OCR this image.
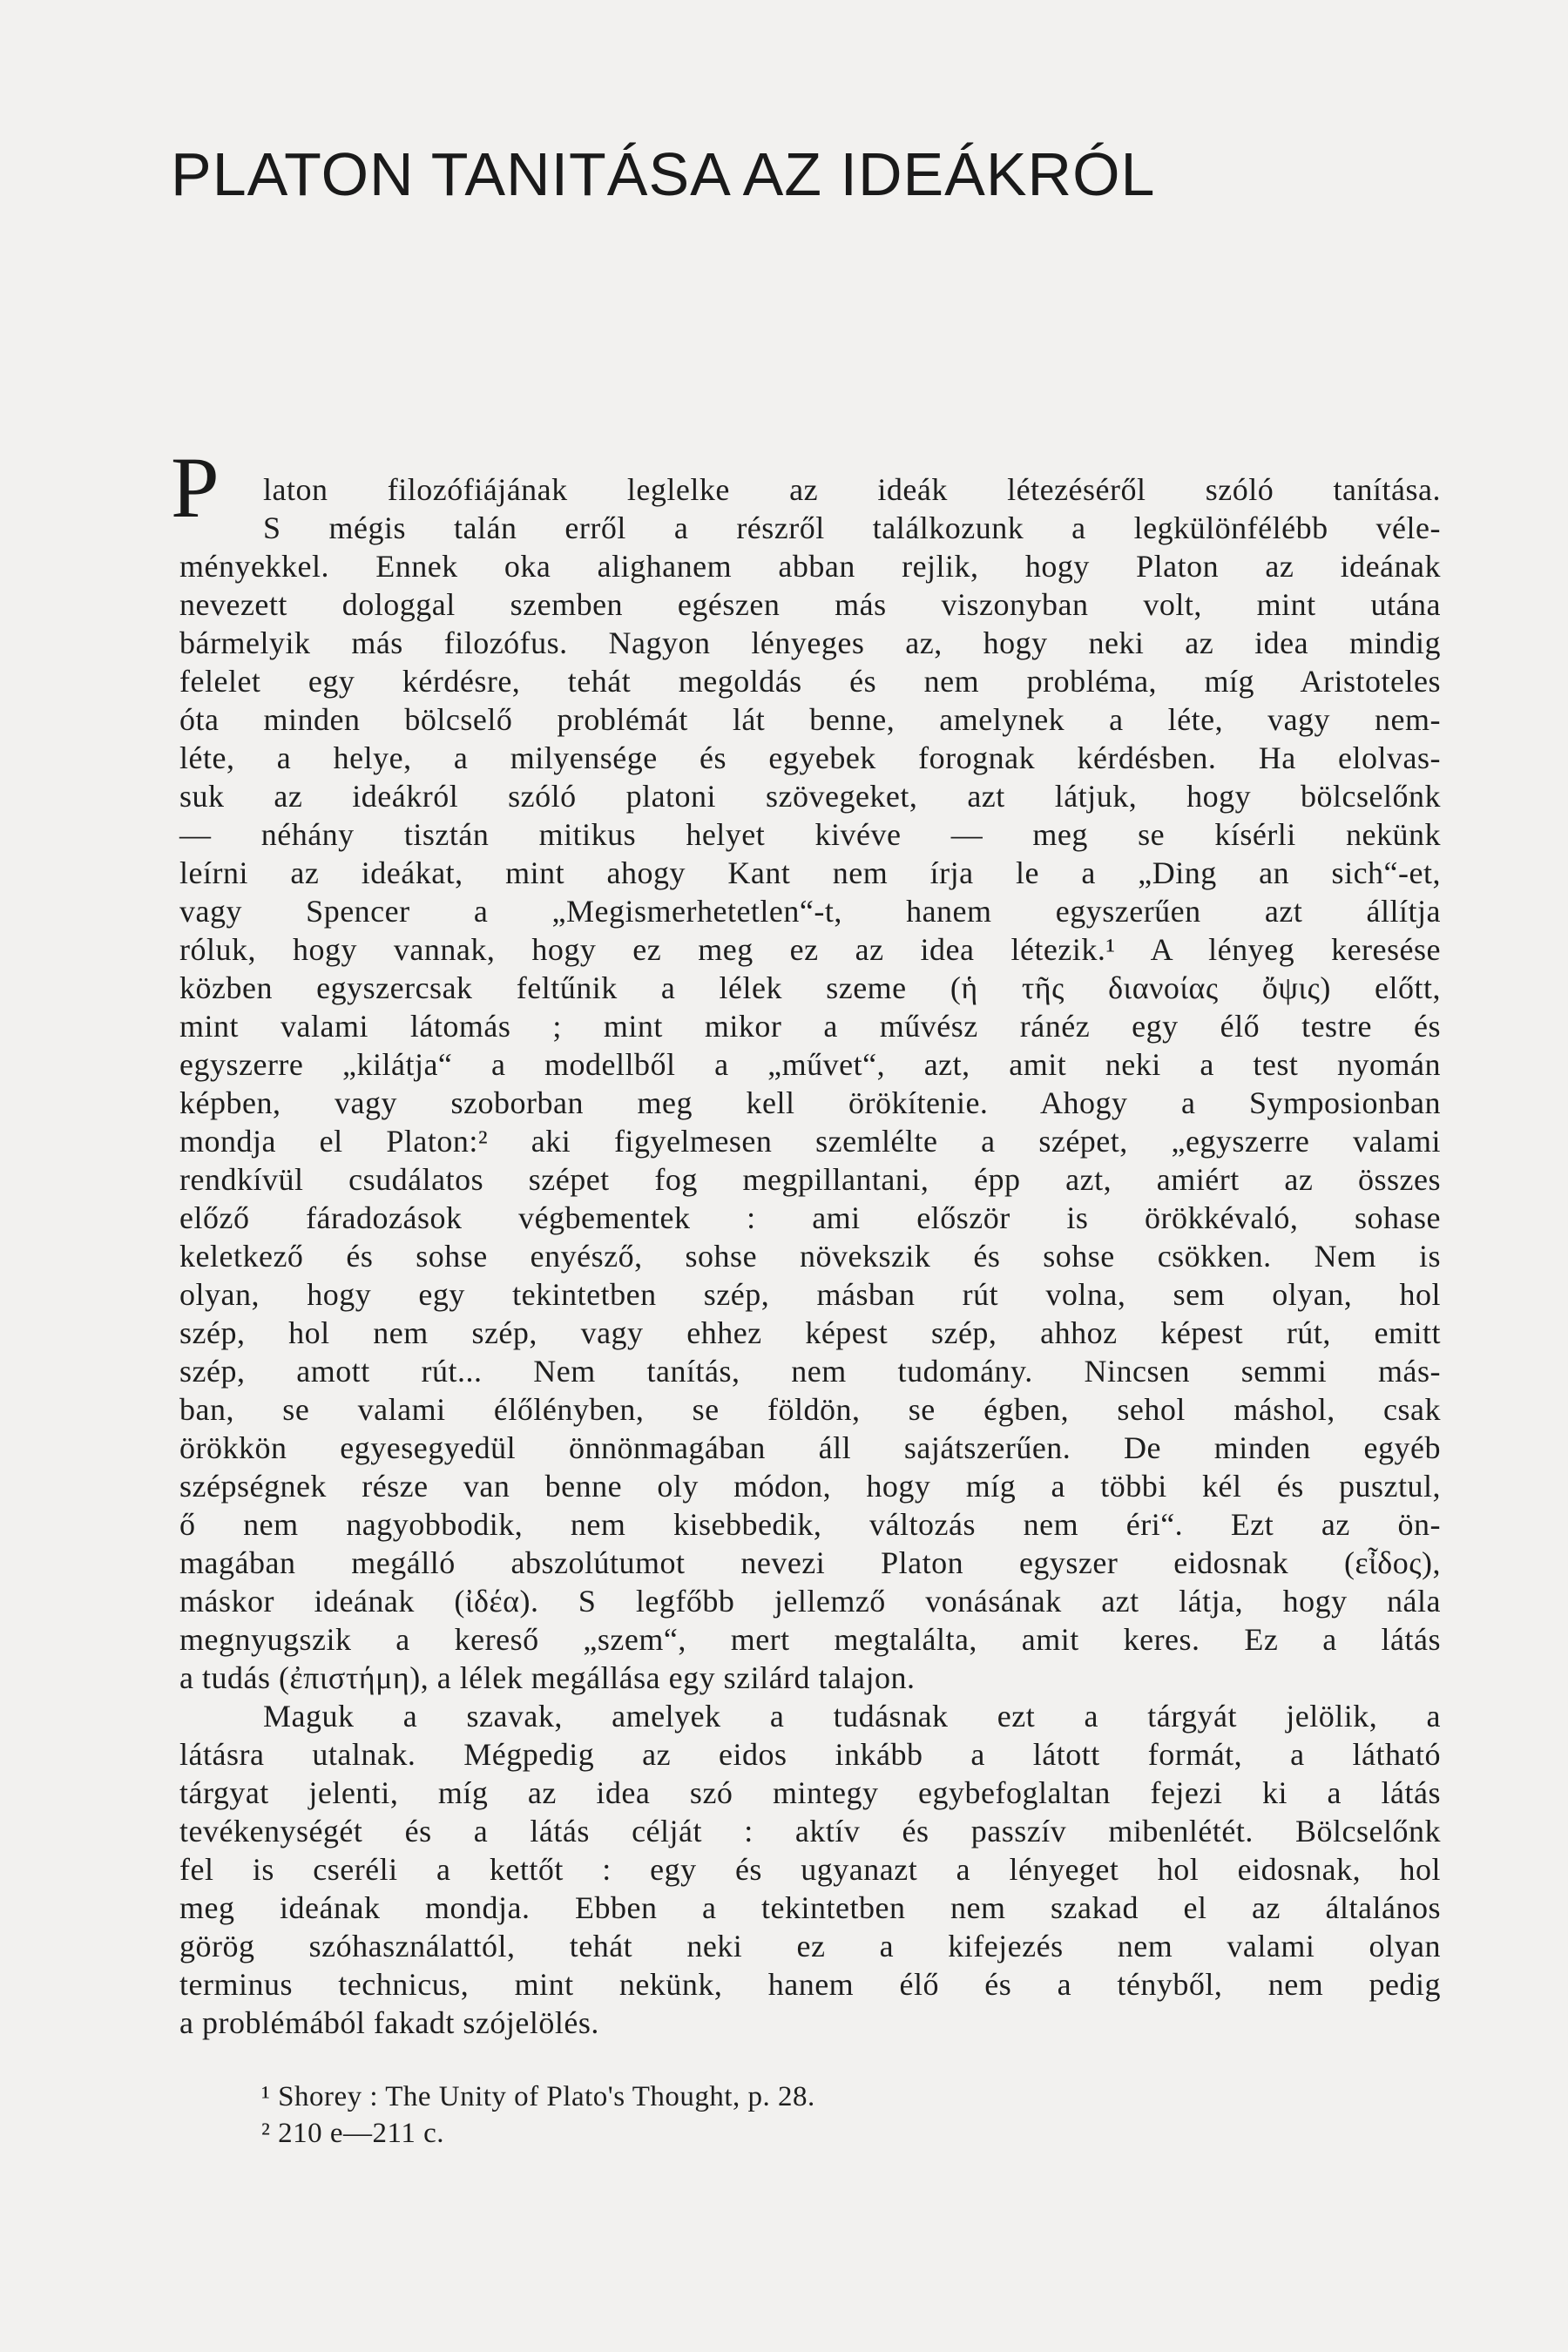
PLATON TANITÁSA AZ IDEÁKRÓL
P	laton filozófiájának leglelke az ideák létezéséről szóló tanítása.
S mégis talán erről a részről találkozunk a legkülönfélébb véle-
ményekkel. Ennek oka alighanem abban rejlik, hogy Platon az ideának
nevezett dologgal szemben egészen más viszonyban volt, mint utána
bármelyik más filozófus. Nagyon lényeges az, hogy neki az idea mindig
felelet egy kérdésre, tehát megoldás és nem probléma, míg Aristoteles
óta minden bölcselő problémát lát benne, amelynek a léte, vagy nem-
léte, a helye, a milyensége és egyebek forognak kérdésben. Ha elolvas-
suk az ideákról szóló platoni szövegeket, azt látjuk, hogy bölcselőnk
— néhány tisztán mitikus helyet kivéve — meg se kísérli nekünk
leírni az ideákat, mint ahogy Kant nem írja le a „Ding an sich“-et,
vagy Spencer a „Megismerhetetlen“-t, hanem egyszerűen azt állítja
róluk, hogy vannak, hogy ez meg ez az idea létezik.¹ A lényeg keresése
közben egyszercsak feltűnik a lélek szeme (ἡ τῆς διανοίας ὄψις) előtt,
mint valami látomás ; mint mikor a művész ránéz egy élő testre és
egyszerre „kilátja“ a modellből a „művet“, azt, amit neki a test nyomán
képben, vagy szoborban meg kell örökítenie. Ahogy a Symposionban
mondja el Platon:² aki figyelmesen szemlélte a szépet, „egyszerre valami
rendkívül csudálatos szépet fog megpillantani, épp azt, amiért az összes
előző fáradozások végbementek : ami először is örökkévaló, sohase
keletkező és sohse enyésző, sohse növekszik és sohse csökken. Nem is
olyan, hogy egy tekintetben szép, másban rút volna, sem olyan, hol
szép, hol nem szép, vagy ehhez képest szép, ahhoz képest rút, emitt
szép, amott rút... Nem tanítás, nem tudomány. Nincsen semmi más-
ban, se valami élőlényben, se földön, se égben, sehol máshol, csak
örökkön egyesegyedül önnönmagában áll sajátszerűen. De minden egyéb
szépségnek része van benne oly módon, hogy míg a többi kél és pusztul,
ő nem nagyobbodik, nem kisebbedik, változás nem éri“. Ezt az ön-
magában megálló abszolútumot nevezi Platon egyszer eidosnak (εἶδος),
máskor ideának (ἰδέα). S legfőbb jellemző vonásának azt látja, hogy nála
megnyugszik a kereső „szem“, mert megtalálta, amit keres. Ez a látás
a tudás (ἐπιστήμη), a lélek megállása egy szilárd talajon.
Maguk a szavak, amelyek a tudásnak ezt a tárgyát jelölik, a
látásra utalnak. Mégpedig az eidos inkább a látott formát, a látható
tárgyat jelenti, míg az idea szó mintegy egybefoglaltan fejezi ki a látás
tevékenységét és a látás célját : aktív és passzív mibenlétét. Bölcselőnk
fel is cseréli a kettőt : egy és ugyanazt a lényeget hol eidosnak, hol
meg ideának mondja. Ebben a tekintetben nem szakad el az általános
görög szóhasználattól, tehát neki ez a kifejezés nem valami olyan
terminus technicus, mint nekünk, hanem élő és a tényből, nem pedig
a problémából fakadt szójelölés.
¹ Shorey : The Unity of Plato's Thought, p. 28.
² 210 e—211 c.
